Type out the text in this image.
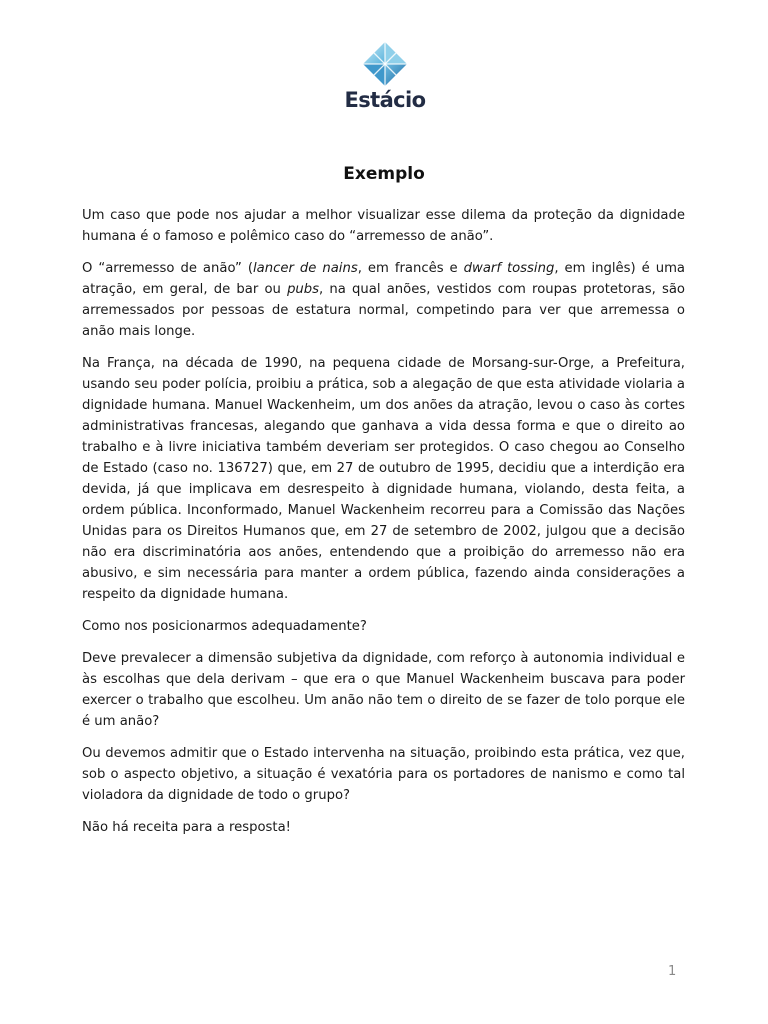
Estácio
Exemplo

Um caso que pode nos ajudar a melhor visualizar esse dilema da proteção da dignidade humana é o famoso e polêmico caso do “arremesso de anão”.

O “arremesso de anão” (lancer de nains, em francês e dwarf tossing, em inglês) é uma atração, em geral, de bar ou pubs, na qual anões, vestidos com roupas protetoras, são arremessados por pessoas de estatura normal, competindo para ver que arremessa o anão mais longe.

Na França, na década de 1990, na pequena cidade de Morsang-sur-Orge, a Prefeitura, usando seu poder polícia, proibiu a prática, sob a alegação de que esta atividade violaria a dignidade humana. Manuel Wackenheim, um dos anões da atração, levou o caso às cortes administrativas francesas, alegando que ganhava a vida dessa forma e que o direito ao trabalho e à livre iniciativa também deveriam ser protegidos. O caso chegou ao Conselho de Estado (caso no. 136727) que, em 27 de outubro de 1995, decidiu que a interdição era devida, já que implicava em desrespeito à dignidade humana, violando, desta feita, a ordem pública. Inconformado, Manuel Wackenheim recorreu para a Comissão das Nações Unidas para os Direitos Humanos que, em 27 de setembro de 2002, julgou que a decisão não era discriminatória aos anões, entendendo que a proibição do arremesso não era abusivo, e sim necessária para manter a ordem pública, fazendo ainda considerações a respeito da dignidade humana.

Como nos posicionarmos adequadamente?

Deve prevalecer a dimensão subjetiva da dignidade, com reforço à autonomia individual e às escolhas que dela derivam – que era o que Manuel Wackenheim buscava para poder exercer o trabalho que escolheu. Um anão não tem o direito de se fazer de tolo porque ele é um anão?

Ou devemos admitir que o Estado intervenha na situação, proibindo esta prática, vez que, sob o aspecto objetivo, a situação é vexatória para os portadores de nanismo e como tal violadora da dignidade de todo o grupo?

Não há receita para a resposta!

1
